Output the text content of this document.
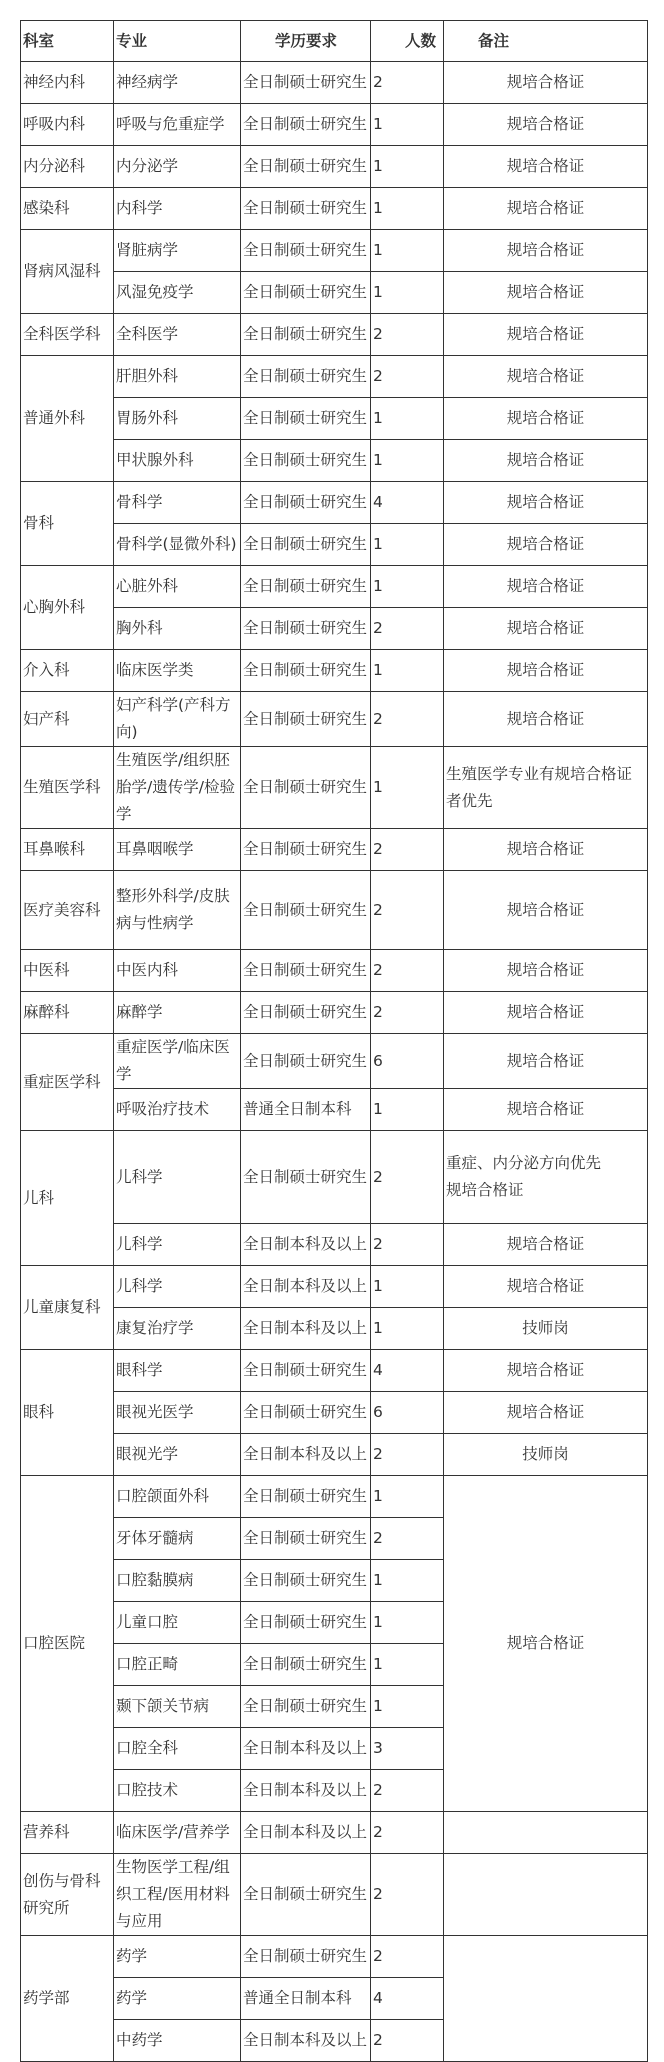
科室	专业	学历要求	人数	备注
神经内科	神经病学	全日制硕士研究生	2	规培合格证
呼吸内科	呼吸与危重症学	全日制硕士研究生	1	规培合格证
内分泌科	内分泌学	全日制硕士研究生	1	规培合格证
感染科	内科学	全日制硕士研究生	1	规培合格证
肾病风湿科	肾脏病学	全日制硕士研究生	1	规培合格证
	风湿免疫学	全日制硕士研究生	1	规培合格证
全科医学科	全科医学	全日制硕士研究生	2	规培合格证
普通外科	肝胆外科	全日制硕士研究生	2	规培合格证
	胃肠外科	全日制硕士研究生	1	规培合格证
	甲状腺外科	全日制硕士研究生	1	规培合格证
骨科	骨科学	全日制硕士研究生	4	规培合格证
	骨科学(显微外科)	全日制硕士研究生	1	规培合格证
心胸外科	心脏外科	全日制硕士研究生	1	规培合格证
	胸外科	全日制硕士研究生	2	规培合格证
介入科	临床医学类	全日制硕士研究生	1	规培合格证
妇产科	妇产科学(产科方向)	全日制硕士研究生	2	规培合格证
生殖医学科	生殖医学/组织胚胎学/遗传学/检验学	全日制硕士研究生	1	生殖医学专业有规培合格证者优先
耳鼻喉科	耳鼻咽喉学	全日制硕士研究生	2	规培合格证
医疗美容科	整形外科学/皮肤病与性病学	全日制硕士研究生	2	规培合格证
中医科	中医内科	全日制硕士研究生	2	规培合格证
麻醉科	麻醉学	全日制硕士研究生	2	规培合格证
重症医学科	重症医学/临床医学	全日制硕士研究生	6	规培合格证
	呼吸治疗技术	普通全日制本科	1	规培合格证
儿科	儿科学	全日制硕士研究生	2	重症、内分泌方向优先
规培合格证
	儿科学	全日制本科及以上	2	规培合格证
儿童康复科	儿科学	全日制本科及以上	1	规培合格证
	康复治疗学	全日制本科及以上	1	技师岗
眼科	眼科学	全日制硕士研究生	4	规培合格证
	眼视光医学	全日制硕士研究生	6	规培合格证
	眼视光学	全日制本科及以上	2	技师岗
口腔医院	口腔颌面外科	全日制硕士研究生	1	规培合格证
	牙体牙髓病	全日制硕士研究生	2	
	口腔黏膜病	全日制硕士研究生	1	
	儿童口腔	全日制硕士研究生	1	
	口腔正畸	全日制硕士研究生	1	
	颞下颌关节病	全日制硕士研究生	1	
	口腔全科	全日制本科及以上	3	
	口腔技术	全日制本科及以上	2	
营养科	临床医学/营养学	全日制本科及以上	2	
创伤与骨科研究所	生物医学工程/组织工程/医用材料与应用	全日制硕士研究生	2	
药学部	药学	全日制硕士研究生	2	
	药学	普通全日制本科	4	
	中药学	全日制本科及以上	2	
